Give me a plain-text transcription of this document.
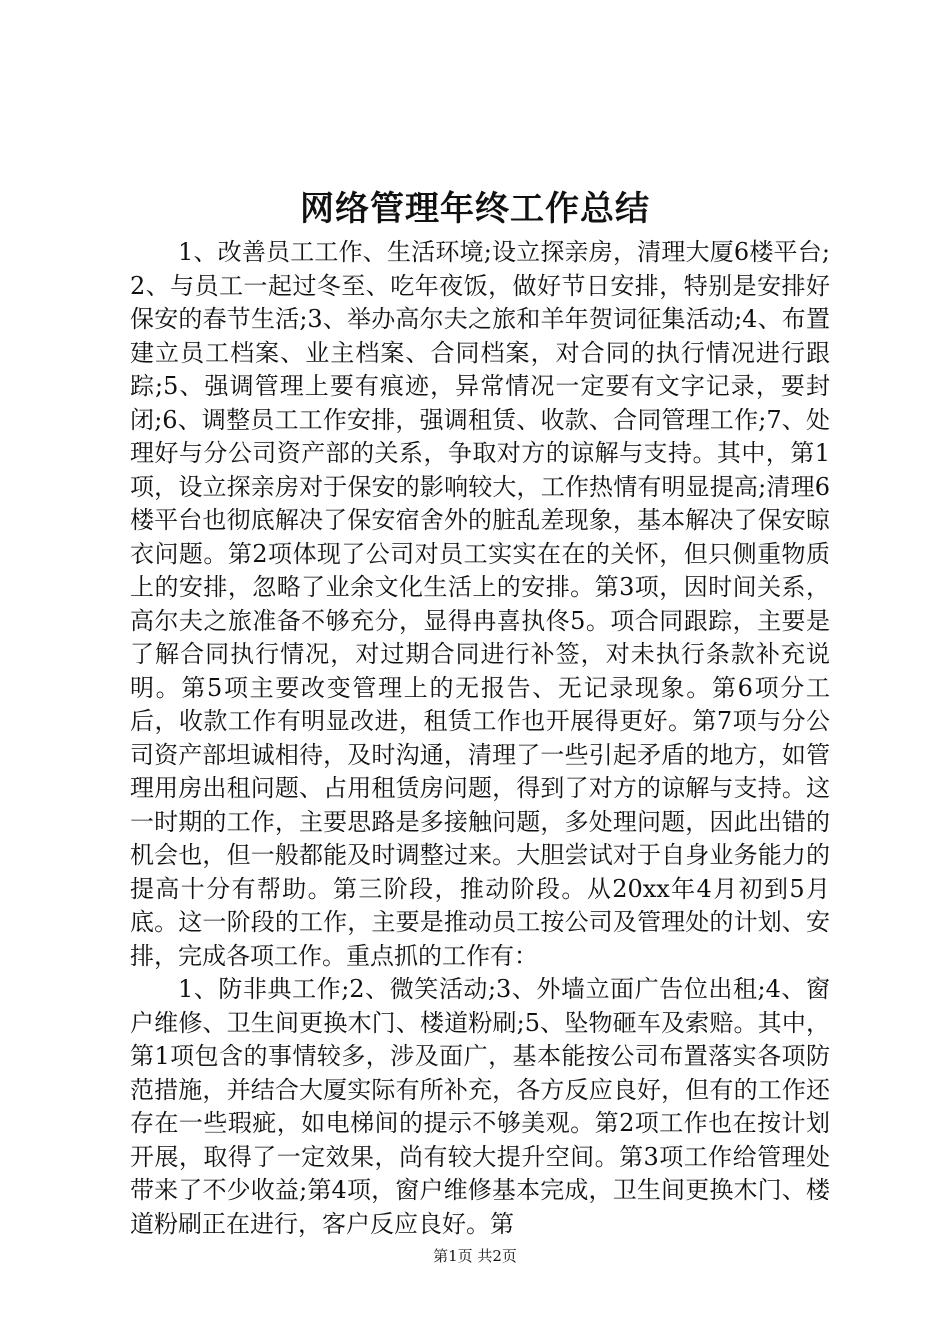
网络管理年终工作总结

1、改善员工工作、生活环境;设立探亲房，清理大厦6楼平台;2、与员工一起过冬至、吃年夜饭，做好节日安排，特别是安排好保安的春节生活;3、举办高尔夫之旅和羊年贺词征集活动;4、布置建立员工档案、业主档案、合同档案，对合同的执行情况进行跟踪;5、强调管理上要有痕迹，异常情况一定要有文字记录，要封闭;6、调整员工工作安排，强调租赁、收款、合同管理工作;7、处理好与分公司资产部的关系，争取对方的谅解与支持。其中，第1项，设立探亲房对于保安的影响较大，工作热情有明显提高;清理6楼平台也彻底解决了保安宿舍外的脏乱差现象，基本解决了保安晾衣问题。第2项体现了公司对员工实实在在的关怀，但只侧重物质上的安排，忽略了业余文化生活上的安排。第3项，因时间关系，高尔夫之旅准备不够充分，显得冉喜执佟5。项合同跟踪，主要是了解合同执行情况，对过期合同进行补签，对未执行条款补充说明。第5项主要改变管理上的无报告、无记录现象。第6项分工后，收款工作有明显改进，租赁工作也开展得更好。第7项与分公司资产部坦诚相待，及时沟通，清理了一些引起矛盾的地方，如管理用房出租问题、占用租赁房问题，得到了对方的谅解与支持。这一时期的工作，主要思路是多接触问题，多处理问题，因此出错的机会也，但一般都能及时调整过来。大胆尝试对于自身业务能力的提高十分有帮助。第三阶段，推动阶段。从20xx年4月初到5月底。这一阶段的工作，主要是推动员工按公司及管理处的计划、安排，完成各项工作。重点抓的工作有：

1、防非典工作;2、微笑活动;3、外墙立面广告位出租;4、窗户维修、卫生间更换木门、楼道粉刷;5、坠物砸车及索赔。其中，第1项包含的事情较多，涉及面广，基本能按公司布置落实各项防范措施，并结合大厦实际有所补充，各方反应良好，但有的工作还存在一些瑕疵，如电梯间的提示不够美观。第2项工作也在按计划开展，取得了一定效果，尚有较大提升空间。第3项工作给管理处带来了不少收益;第4项，窗户维修基本完成，卫生间更换木门、楼道粉刷正在进行，客户反应良好。第

第1页 共2页
